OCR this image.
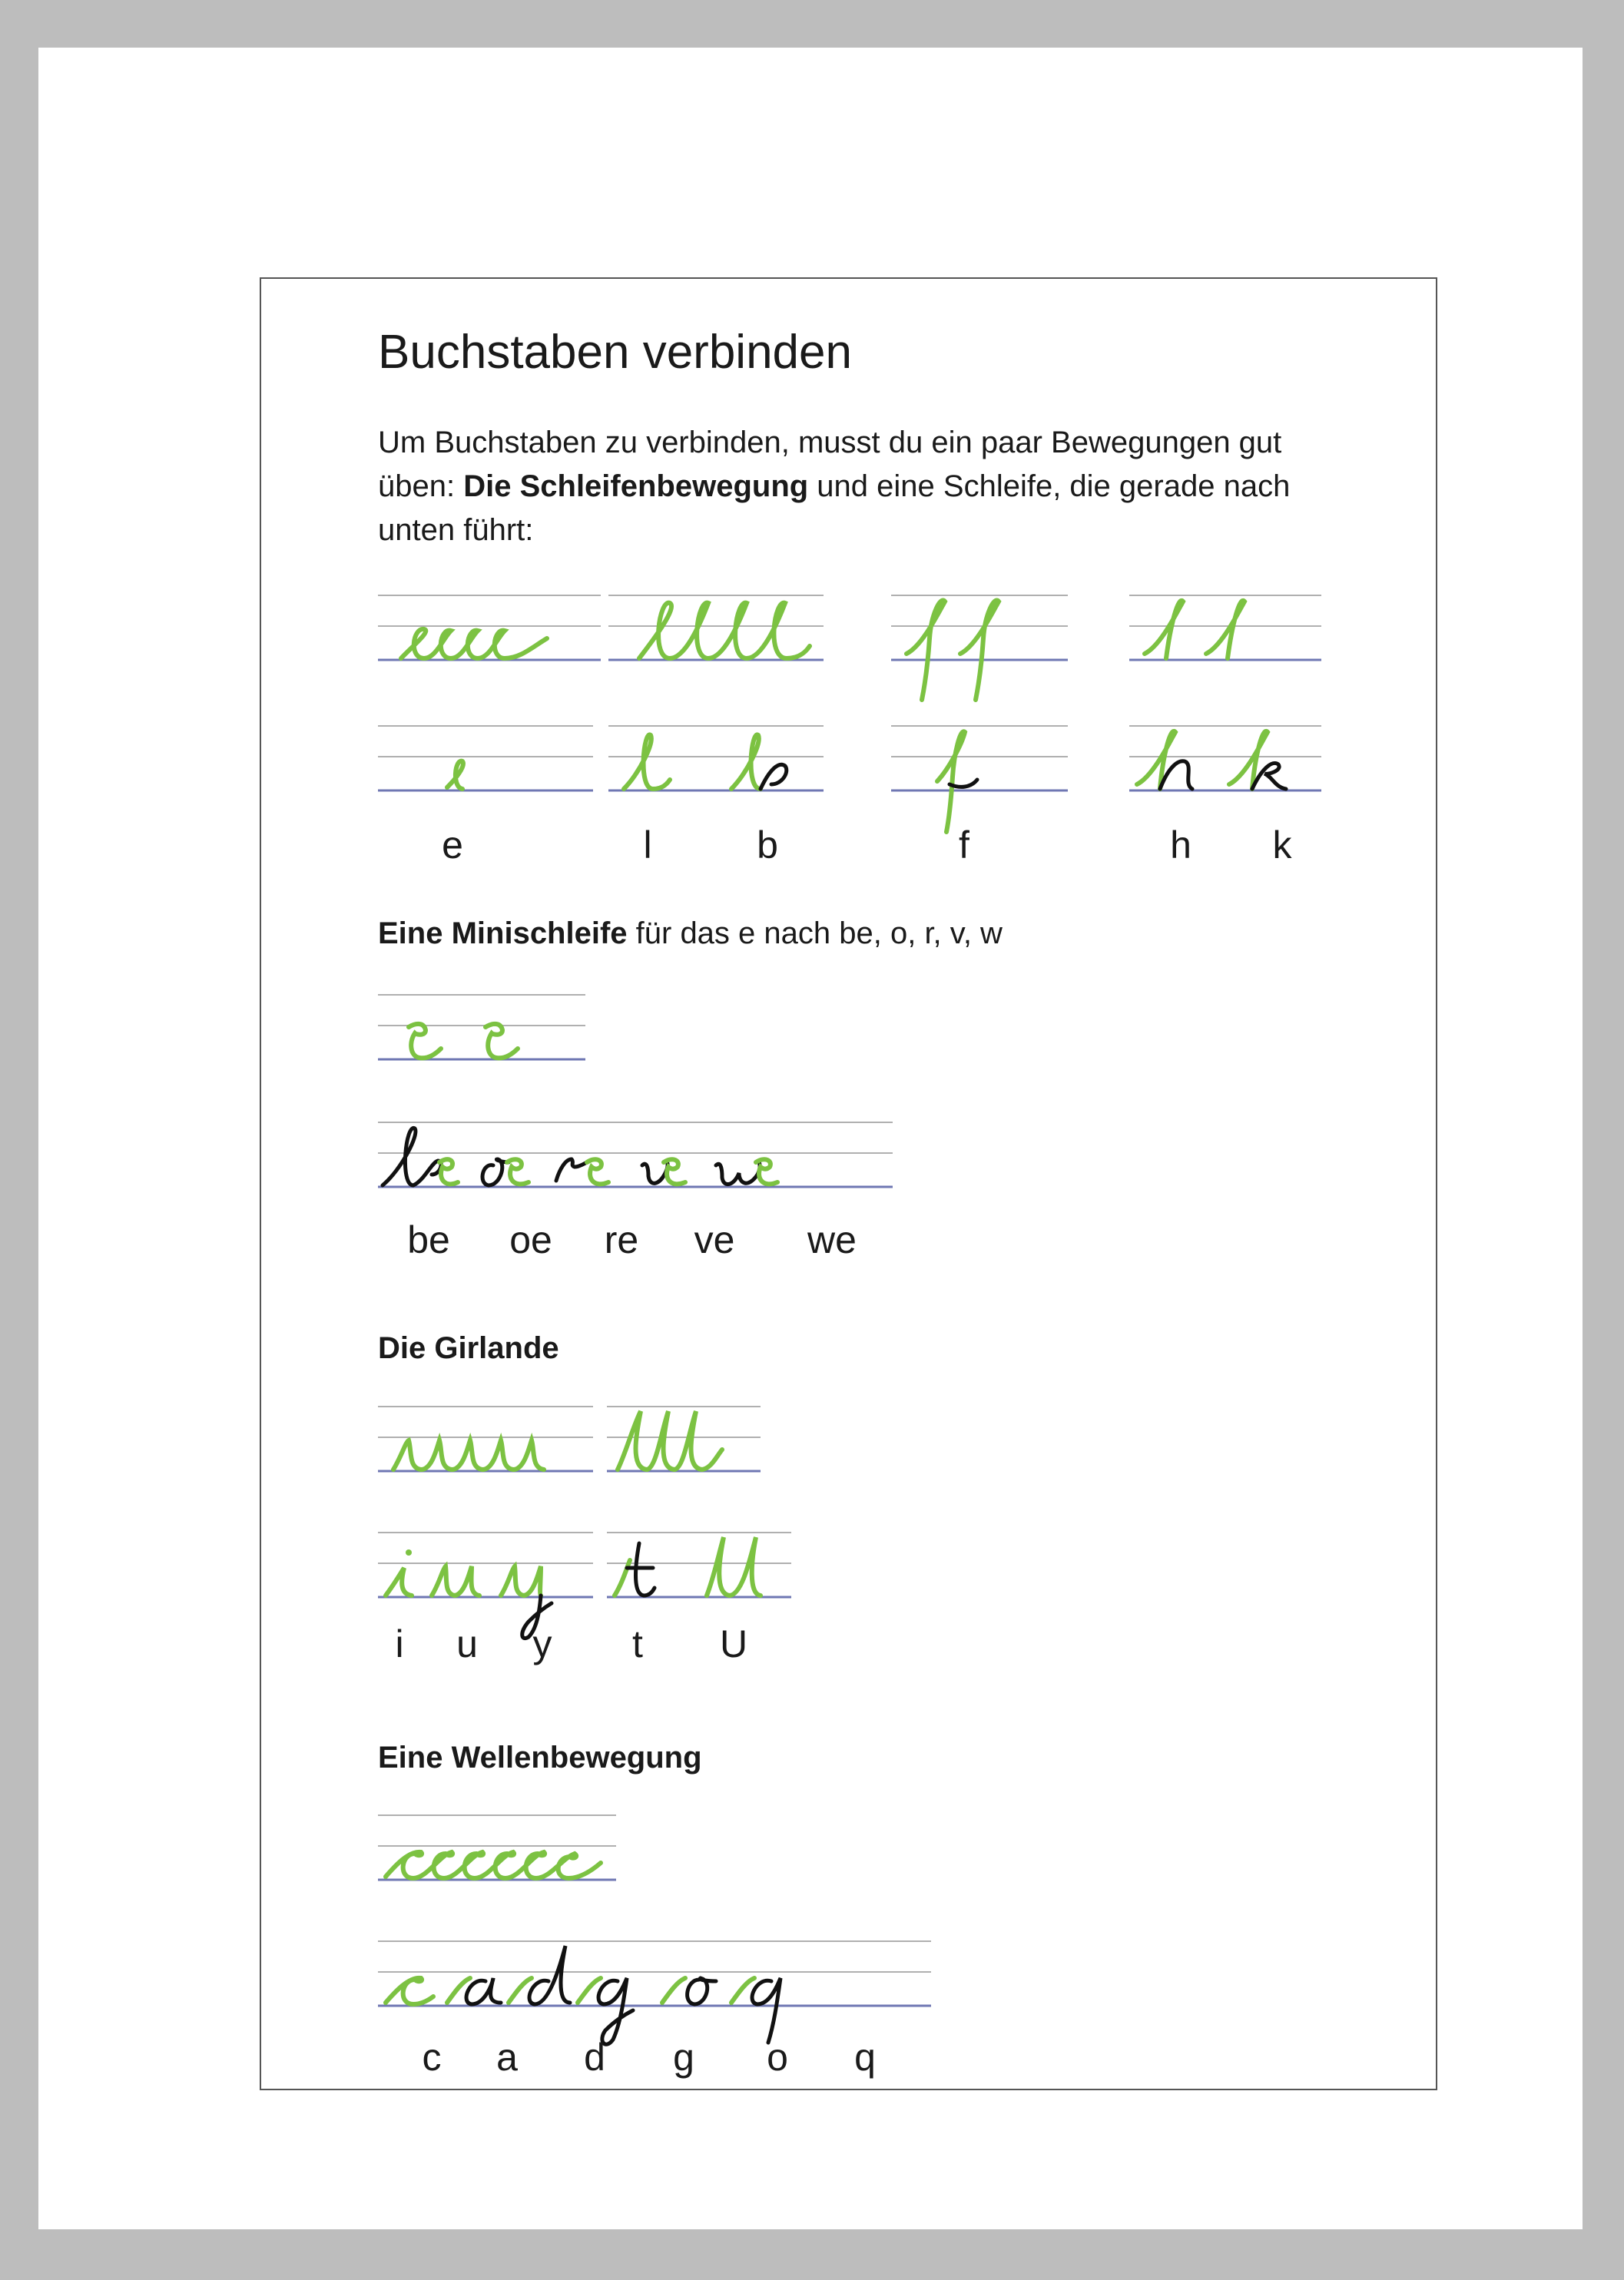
Buchstaben verbinden
Um Buchstaben zu verbinden, musst du ein paar Bewegungen gut üben: Die Schleifenbewegung und eine Schleife, die gerade nach unten führt:
e	l	b	f	h k
Eine Minischleife für das e nach be, o, r, v, w
be oe re ve we
Die Girlande
i u y t U
Eine Wellenbewegung
c a d g o q
